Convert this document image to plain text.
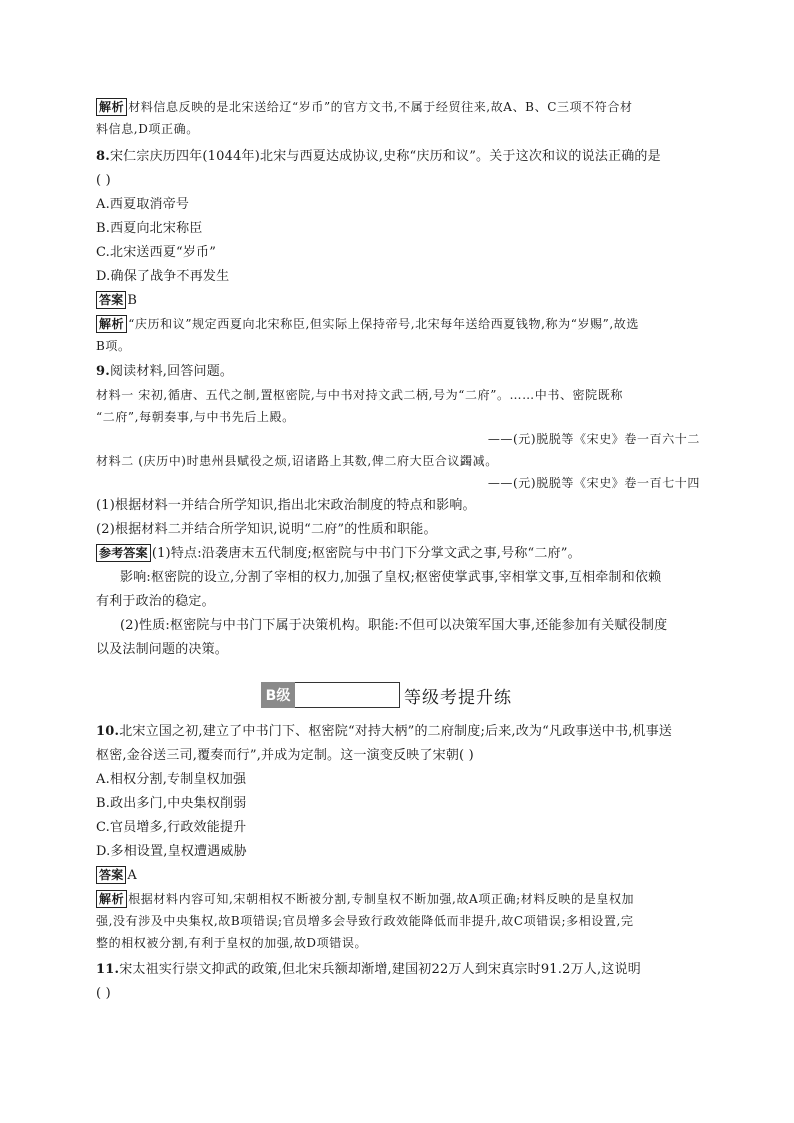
解析 材料信息反映的是北宋送给辽“岁币”的官方文书,不属于经贸往来,故A、B、C三项不符合材
料信息,D项正确。
8.宋仁宗庆历四年(1044年)北宋与西夏达成协议,史称“庆历和议”。关于这次和议的说法正确的是
( )
A.西夏取消帝号
B.西夏向北宋称臣
C.北宋送西夏“岁币”
D.确保了战争不再发生
答案 B
解析 “庆历和议”规定西夏向北宋称臣,但实际上保持帝号,北宋每年送给西夏钱物,称为“岁赐”,故选
B项。
9.阅读材料,回答问题。
材料一 宋初,循唐、五代之制,置枢密院,与中书对持文武二柄,号为“二府”。……中书、密院既称
“二府”,每朝奏事,与中书先后上殿。
——(元)脱脱等《宋史》卷一百六十二
材料二 (庆历中)时患州县赋役之烦,诏诸路上其数,俾二府大臣合议蠲减。
——(元)脱脱等《宋史》卷一百七十四
(1)根据材料一并结合所学知识,指出北宋政治制度的特点和影响。
(2)根据材料二并结合所学知识,说明“二府”的性质和职能。
参考答案 (1)特点:沿袭唐末五代制度;枢密院与中书门下分掌文武之事,号称“二府”。
影响:枢密院的设立,分割了宰相的权力,加强了皇权;枢密使掌武事,宰相掌文事,互相牵制和依赖
有利于政治的稳定。
(2)性质:枢密院与中书门下属于决策机构。职能:不但可以决策军国大事,还能参加有关赋役制度
以及法制问题的决策。
B级	等级考提升练
10.北宋立国之初,建立了中书门下、枢密院“对持大柄”的二府制度;后来,改为“凡政事送中书,机事送
枢密,金谷送三司,覆奏而行”,并成为定制。这一演变反映了宋朝( )
A.相权分割,专制皇权加强
B.政出多门,中央集权削弱
C.官员增多,行政效能提升
D.多相设置,皇权遭遇威胁
答案 A
解析 根据材料内容可知,宋朝相权不断被分割,专制皇权不断加强,故A项正确;材料反映的是皇权加
强,没有涉及中央集权,故B项错误;官员增多会导致行政效能降低而非提升,故C项错误;多相设置,完
整的相权被分割,有利于皇权的加强,故D项错误。
11.宋太祖实行崇文抑武的政策,但北宋兵额却渐增,建国初22万人到宋真宗时91.2万人,这说明
( )
